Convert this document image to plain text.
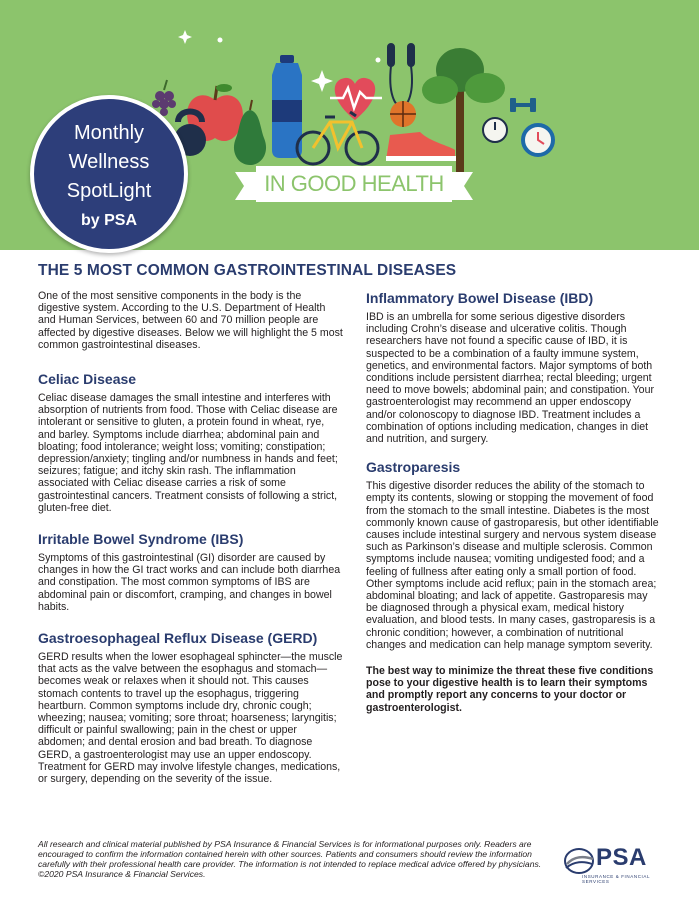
IN GOOD HEALTH
Monthly
Wellness
SpotLight
by PSA
THE 5 MOST COMMON GASTROINTESTINAL DISEASES

One of the most sensitive components in the body is the digestive system. According to the U.S. Department of Health and Human Services, between 60 and 70 million people are affected by digestive diseases. Below we will highlight the 5 most common gastrointestinal diseases.

Celiac Disease

Celiac disease damages the small intestine and interferes with absorption of nutrients from food. Those with Celiac disease are intolerant or sensitive to gluten, a protein found in wheat, rye, and barley. Symptoms include diarrhea; abdominal pain and bloating; food intolerance; weight loss; vomiting; constipation; depression/anxiety; tingling and/or numbness in hands and feet; seizures; fatigue; and itchy skin rash. The inflammation associated with Celiac disease carries a risk of some gastrointestinal cancers. Treatment consists of following a strict, gluten-free diet.

Irritable Bowel Syndrome (IBS)

Symptoms of this gastrointestinal (GI) disorder are caused by changes in how the GI tract works and can include both diarrhea and constipation. The most common symptoms of IBS are abdominal pain or discomfort, cramping, and changes in bowel habits.

Gastroesophageal Reflux Disease (GERD)

GERD results when the lower esophageal sphincter—the muscle that acts as the valve between the esophagus and stomach—becomes weak or relaxes when it should not. This causes stomach contents to travel up the esophagus, triggering heartburn. Common symptoms include dry, chronic cough; wheezing; nausea; vomiting; sore throat; hoarseness; laryngitis; difficult or painful swallowing; pain in the chest or upper abdomen; and dental erosion and bad breath. To diagnose GERD, a gastroenterologist may use an upper endoscopy. Treatment for GERD may involve lifestyle changes, medications, or surgery, depending on the severity of the issue.

Inflammatory Bowel Disease (IBD)

IBD is an umbrella for some serious digestive disorders including Crohn’s disease and ulcerative colitis. Though researchers have not found a specific cause of IBD, it is suspected to be a combination of a faulty immune system, genetics, and environmental factors. Major symptoms of both conditions include persistent diarrhea; rectal bleeding; urgent need to move bowels; abdominal pain; and constipation. Your gastroenterologist may recommend an upper endoscopy and/or colonoscopy to diagnose IBD. Treatment includes a combination of options including medication, changes in diet and nutrition, and surgery.

Gastroparesis

This digestive disorder reduces the ability of the stomach to empty its contents, slowing or stopping the movement of food from the stomach to the small intestine. Diabetes is the most commonly known cause of gastroparesis, but other identifiable causes include intestinal surgery and nervous system disease such as Parkinson’s disease and multiple sclerosis. Common symptoms include nausea; vomiting undigested food; and a feeling of fullness after eating only a small portion of food. Other symptoms include acid reflux; pain in the stomach area; abdominal bloating; and lack of appetite. Gastroparesis may be diagnosed through a physical exam, medical history evaluation, and blood tests. In many cases, gastroparesis is a chronic condition; however, a combination of nutritional changes and medication can help manage symptom severity.

The best way to minimize the threat these five conditions pose to your digestive health is to learn their symptoms and promptly report any concerns to your doctor or gastroenterologist.

All research and clinical material published by PSA Insurance & Financial Services is for informational purposes only. Readers are encouraged to confirm the information contained herein with other sources. Patients and consumers should review the information carefully with their professional health care provider. The information is not intended to replace medical advice offered by physicians. ©2020 PSA Insurance & Financial Services.
PSA
INSURANCE & FINANCIAL SERVICES
